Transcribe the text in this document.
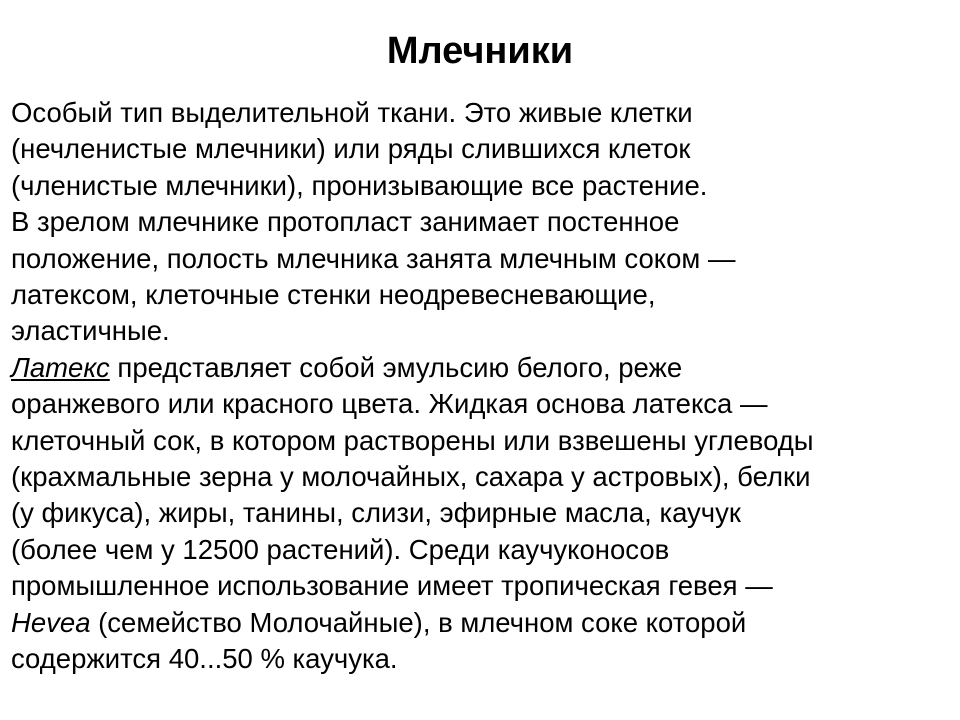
Млечники
Особый тип выделительной ткани. Это живые клетки
(нечленистые млечники) или ряды слившихся клеток
(членистые млечники), пронизывающие все растение.
В зрелом млечнике протопласт занимает постенное
положение, полость млечника занята млечным соком —
латексом, клеточные стенки неодревесневающие,
эластичные.
Латекс представляет собой эмульсию белого, реже
оранжевого или красного цвета. Жидкая основа латекса —
клеточный сок, в котором растворены или взвешены углеводы
(крахмальные зерна у молочайных, сахара у астровых), белки
(у фикуса), жиры, танины, слизи, эфирные масла, каучук
(более чем у 12500 растений). Среди каучуконосов
промышленное использование имеет тропическая гевея —
Hevea (семейство Молочайные), в млечном соке которой
содержится 40...50 % каучука.
